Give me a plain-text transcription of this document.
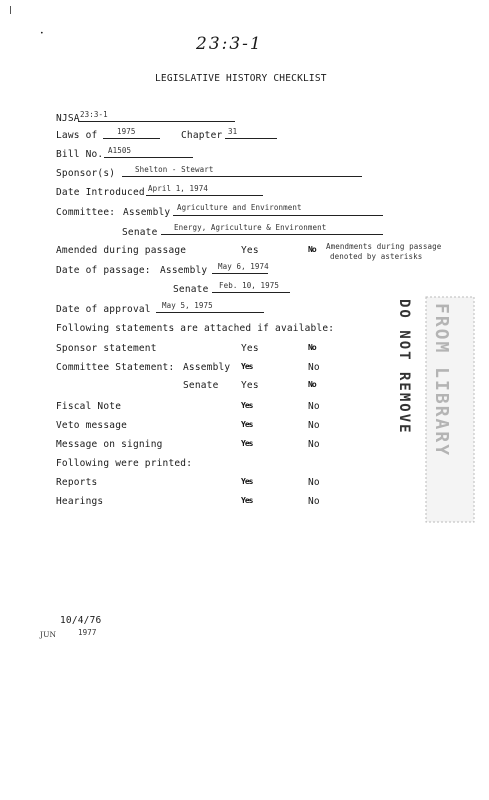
•
23:3-1
LEGISLATIVE HISTORY CHECKLIST
NJSA 23:3-1
Laws of	1975	Chapter 31
Bill No. A1505
Sponsor(s)	Shelton - Stewart
Date Introduced April 1, 1974
Committee: Assembly Agriculture and Environment
Senate Energy, Agriculture & Environment
Amended during passage	Yes	No Amendments during passage
denoted by asterisks
Date of passage: Assembly May 6, 1974
Senate Feb. 10, 1975
Date of approval May 5, 1975
Following statements are attached if available:
Sponsor statement	Yes	No
Committee Statement: Assembly Yes	No
Senate Yes	No
Fiscal Note	Yes	No
Veto message	Yes	No
Message on signing	Yes	No
Following were printed:
Reports	Yes	No
Hearings	Yes	No
DO NOT REMOVE FROM LIBRARY
10/4/76
JUN	1977
